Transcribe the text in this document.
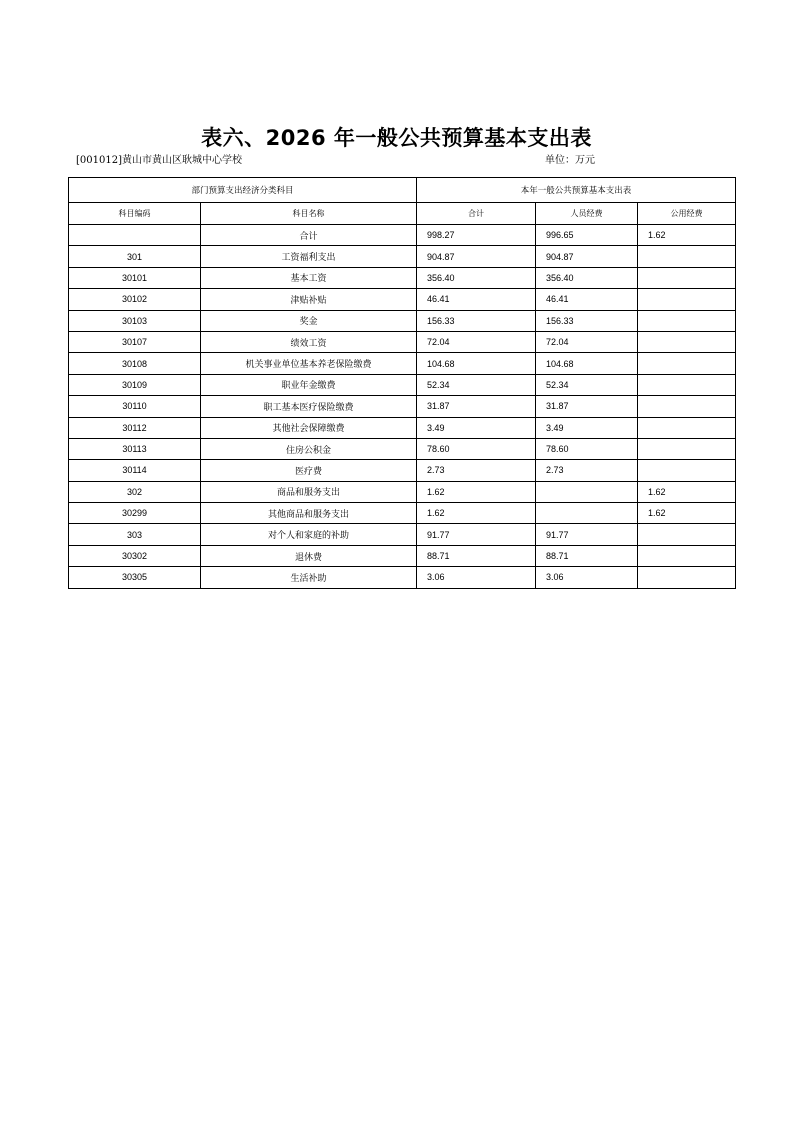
表六、2026 年一般公共预算基本支出表
[001012]黄山市黄山区耿城中心学校	单位：万元
部门预算支出经济分类科目		本年一般公共预算基本支出表		
科目编码	科目名称	合计	人员经费	公用经费
	合计	998.27	996.65	1.62
301	工资福利支出	904.87	904.87	
30101	基本工资	356.40	356.40	
30102	津贴补贴	46.41	46.41	
30103	奖金	156.33	156.33	
30107	绩效工资	72.04	72.04	
30108	机关事业单位基本养老保险缴费	104.68	104.68	
30109	职业年金缴费	52.34	52.34	
30110	职工基本医疗保险缴费	31.87	31.87	
30112	其他社会保障缴费	3.49	3.49	
30113	住房公积金	78.60	78.60	
30114	医疗费	2.73	2.73	
302	商品和服务支出	1.62		1.62
30299	其他商品和服务支出	1.62		1.62
303	对个人和家庭的补助	91.77	91.77	
30302	退休费	88.71	88.71	
30305	生活补助	3.06	3.06	
